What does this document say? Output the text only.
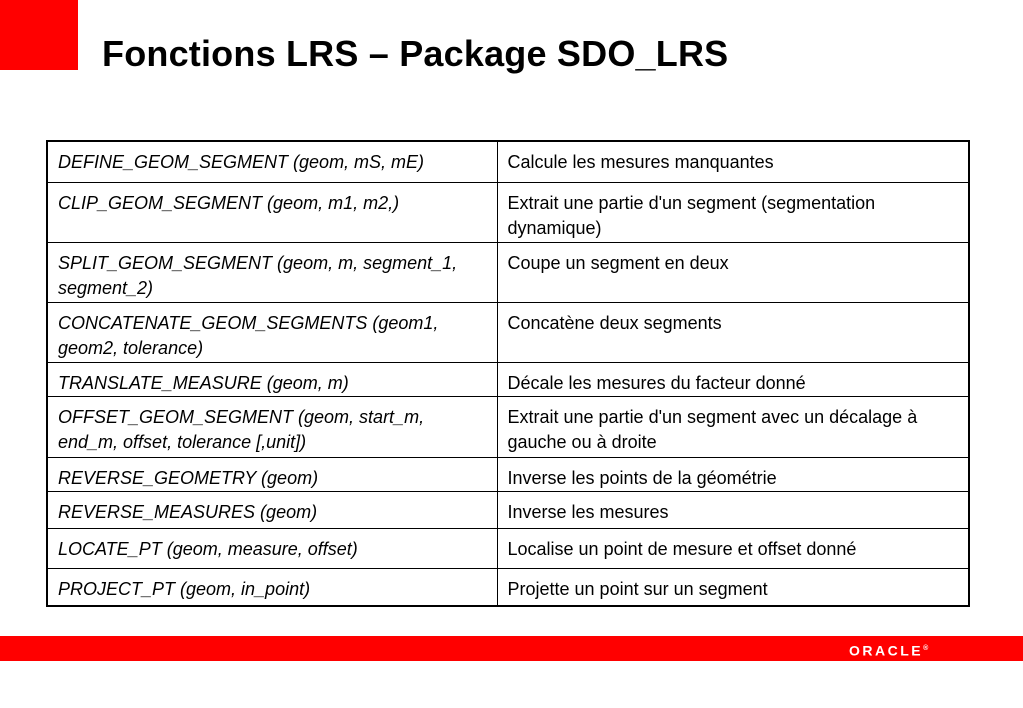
Fonctions LRS – Package SDO_LRS
DEFINE_GEOM_SEGMENT (geom, mS, mE)	Calcule les mesures manquantes
CLIP_GEOM_SEGMENT (geom, m1, m2,)	Extrait une partie d'un segment (segmentation dynamique)
SPLIT_GEOM_SEGMENT (geom, m, segment_1, segment_2)	Coupe un segment en deux
CONCATENATE_GEOM_SEGMENTS (geom1, geom2, tolerance)	Concatène deux segments
TRANSLATE_MEASURE (geom, m)	Décale les mesures du facteur donné
OFFSET_GEOM_SEGMENT (geom, start_m, end_m, offset, tolerance [,unit])	Extrait une partie d'un segment avec un décalage à gauche ou à droite
REVERSE_GEOMETRY (geom)	Inverse les points de la géométrie
REVERSE_MEASURES (geom)	Inverse les mesures
LOCATE_PT (geom, measure, offset)	Localise un point de mesure et offset donné
PROJECT_PT (geom, in_point)	Projette un point sur un segment
ORACLE®
